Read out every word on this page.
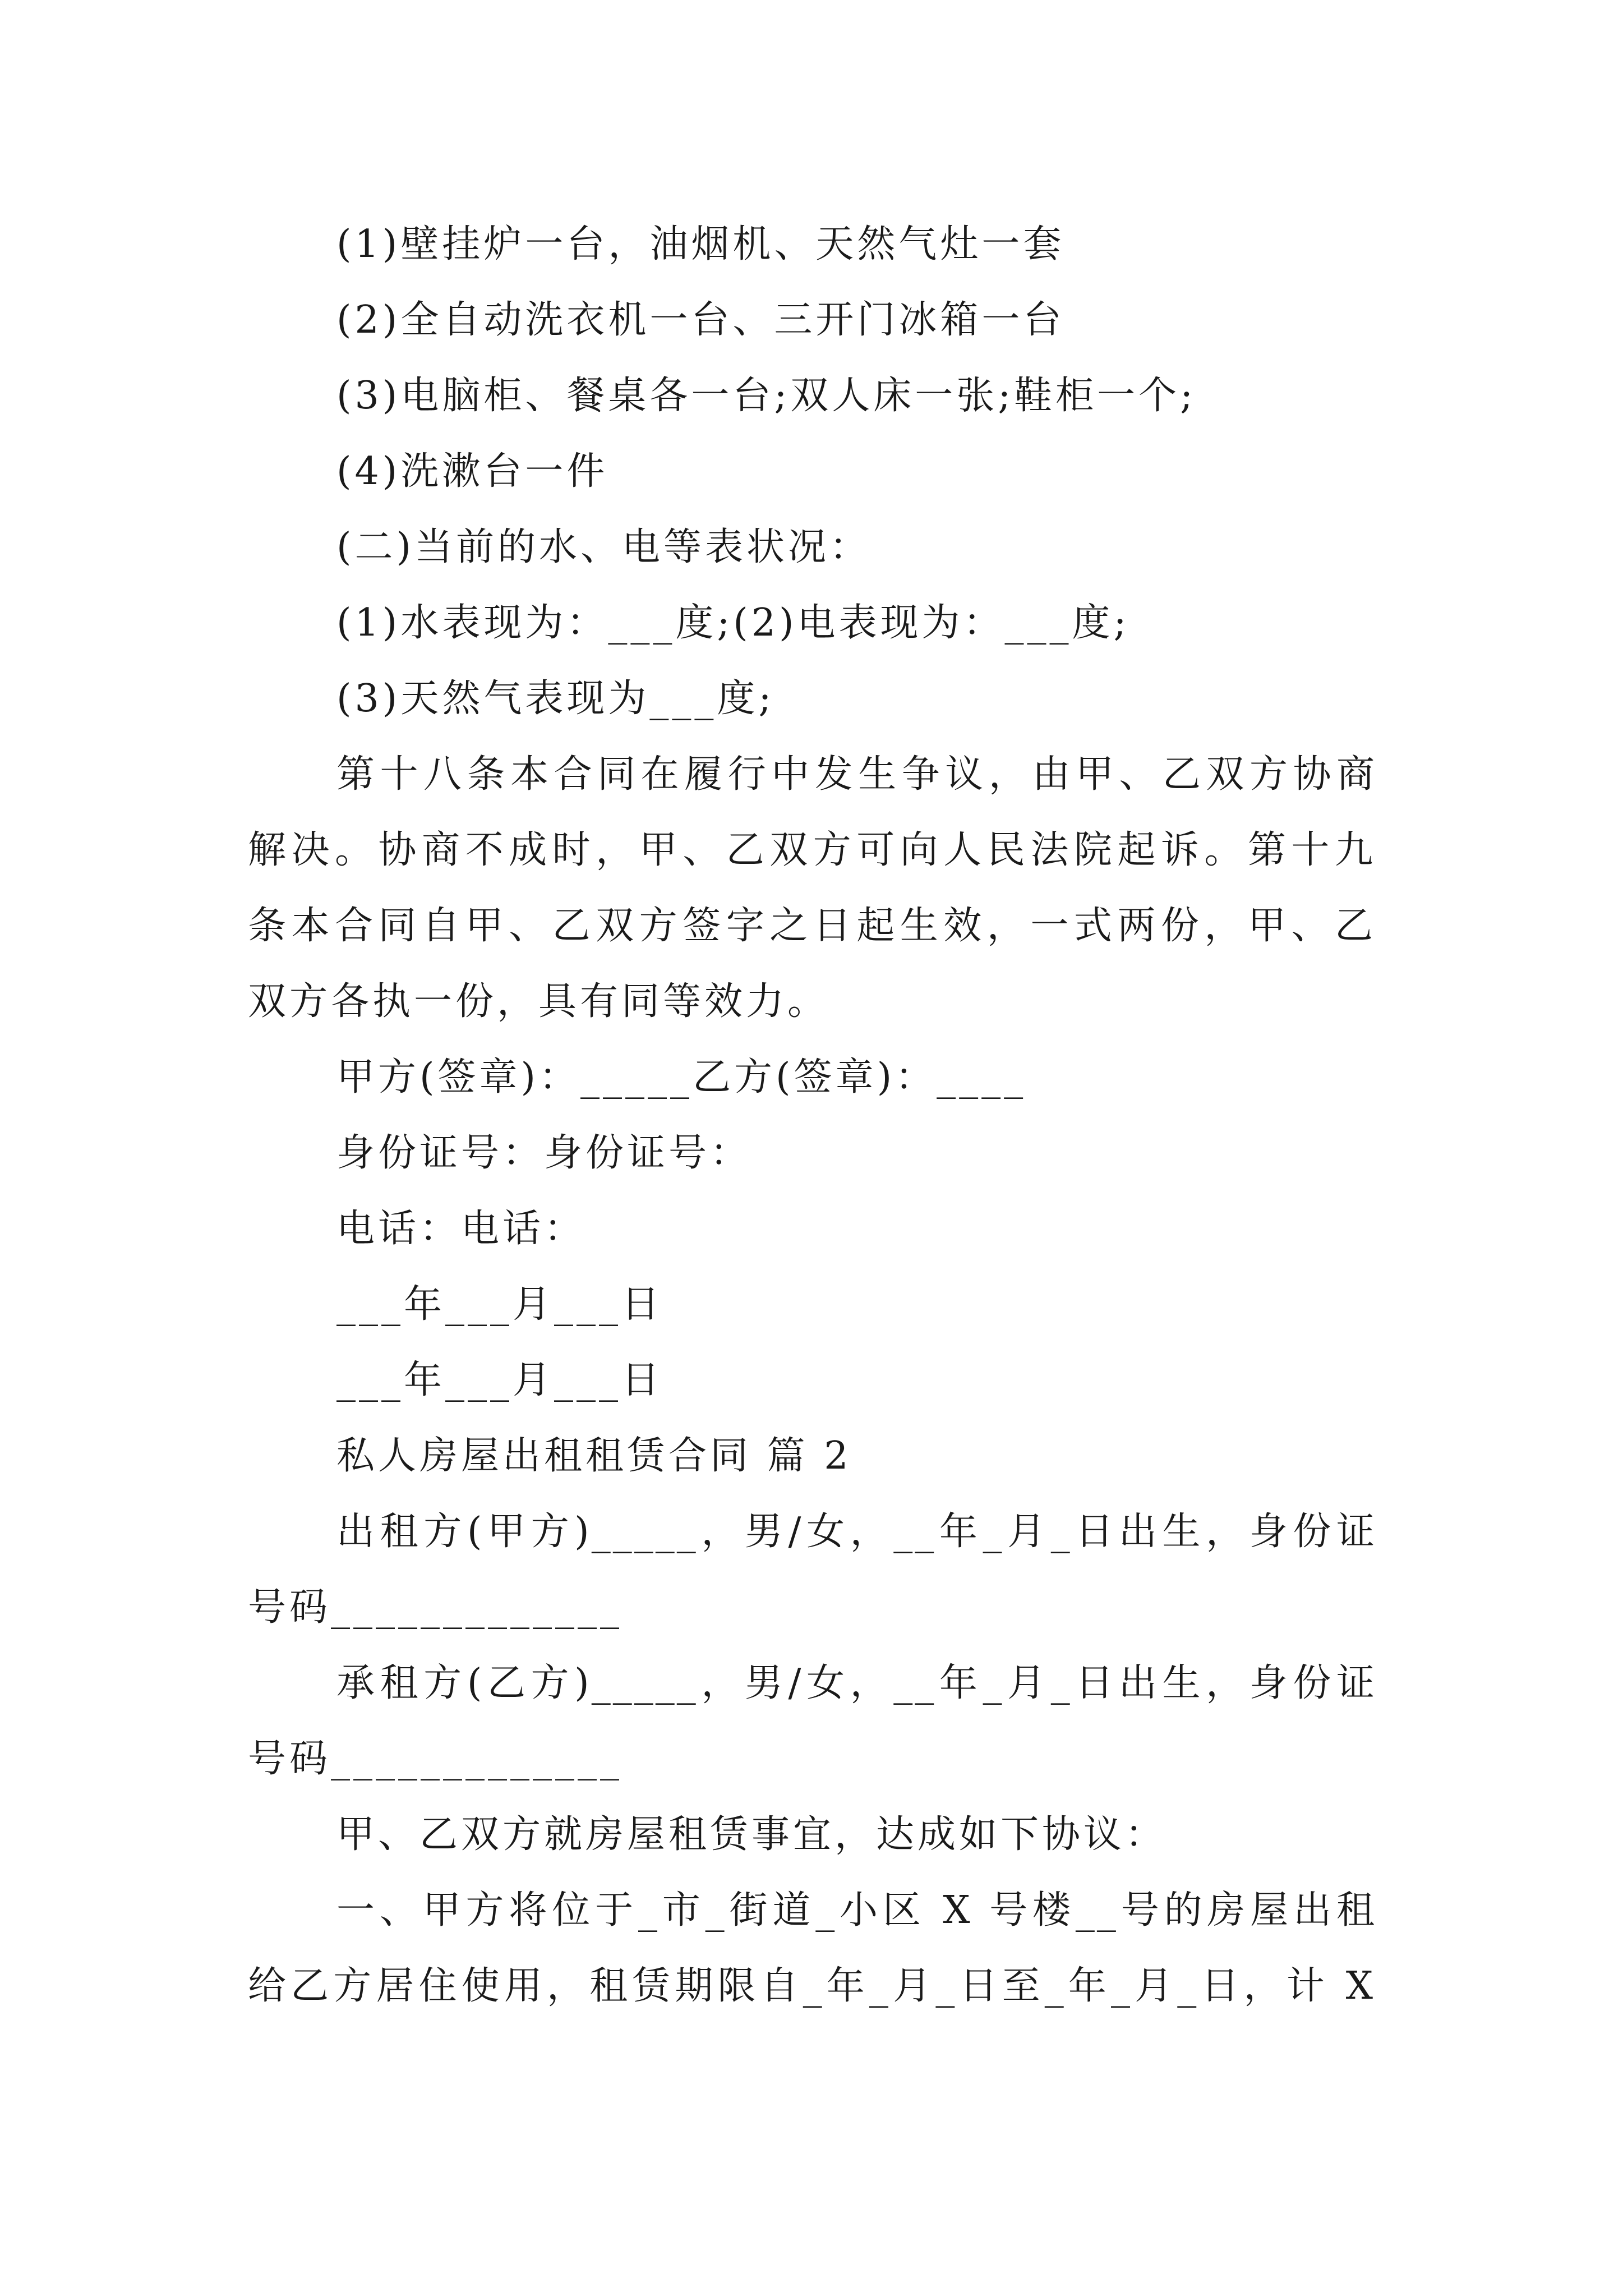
(1)壁挂炉一台，油烟机、天然气灶一套
(2)全自动洗衣机一台、三开门冰箱一台
(3)电脑柜、餐桌各一台;双人床一张;鞋柜一个;
(4)洗漱台一件
(二)当前的水、电等表状况：
(1)水表现为：___度;(2)电表现为：___度;
(3)天然气表现为___度;
第十八条本合同在履行中发生争议，由甲、乙双方协商
解决。协商不成时，甲、乙双方可向人民法院起诉。第十九
条本合同自甲、乙双方签字之日起生效，一式两份，甲、乙
双方各执一份，具有同等效力。
甲方(签章)：_____乙方(签章)：____
身份证号：身份证号：
电话：电话：
___年___月___日
___年___月___日
私人房屋出租租赁合同 篇 2
出租方(甲方)_____，男/女，__年_月_日出生，身份证
号码_____________
承租方(乙方)_____，男/女，__年_月_日出生，身份证
号码_____________
甲、乙双方就房屋租赁事宜，达成如下协议：
一、甲方将位于_市_街道_小区 X 号楼__号的房屋出租
给乙方居住使用，租赁期限自_年_月_日至_年_月_日，计 X
